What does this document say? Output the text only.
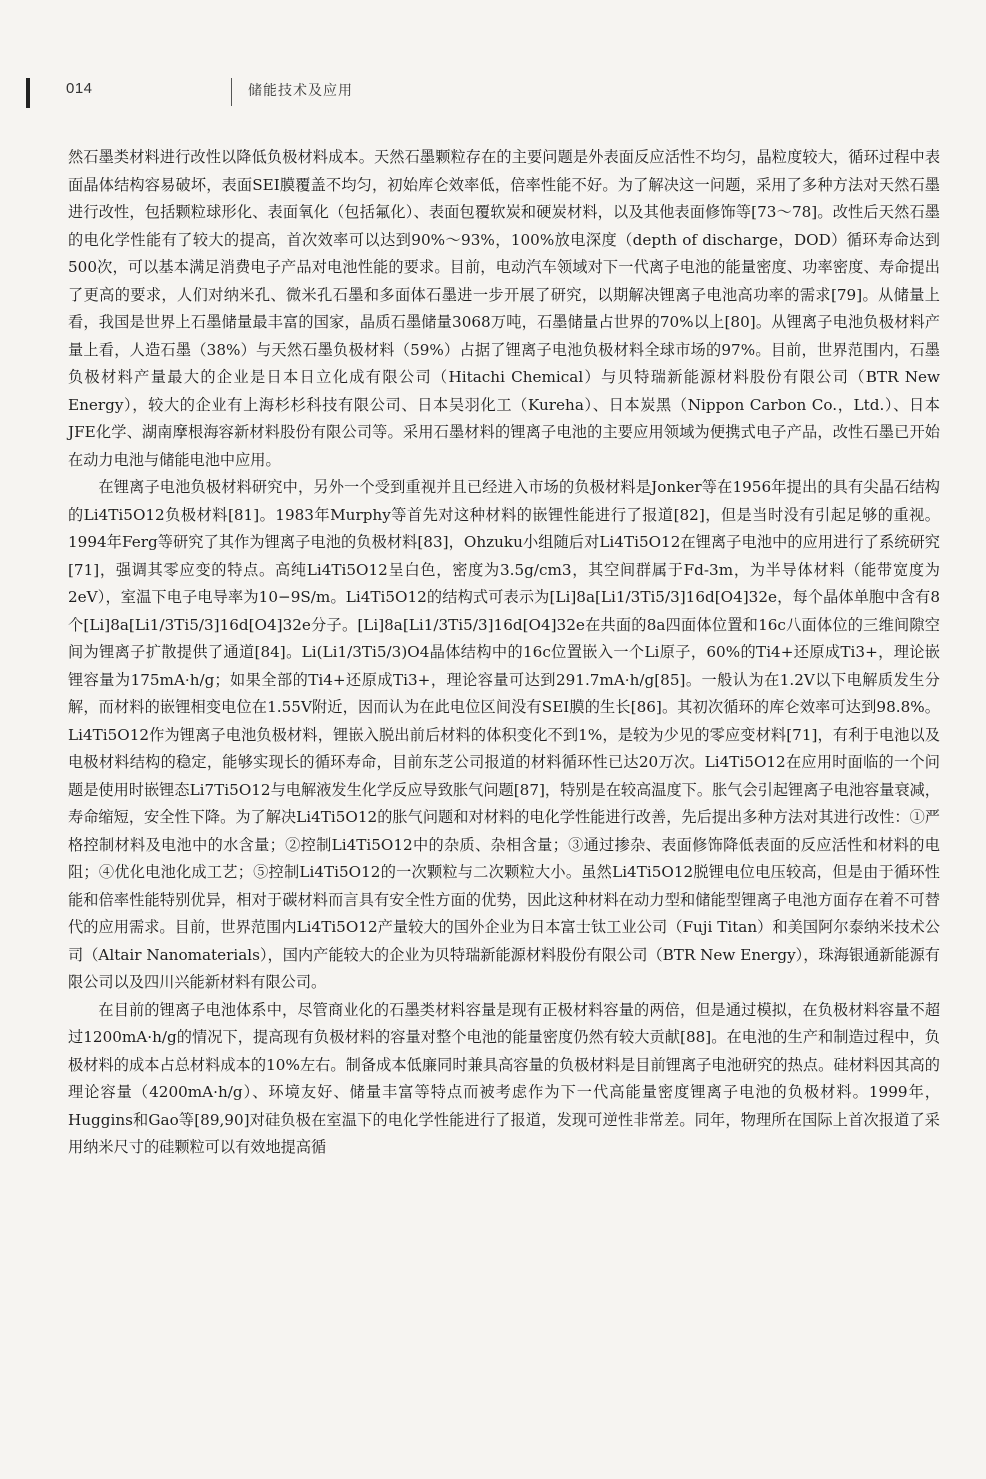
014	储能技术及应用

然石墨类材料进行改性以降低负极材料成本。天然石墨颗粒存在的主要问题是外表面反应活性不均匀，晶粒度较大，循环过程中表面晶体结构容易破坏，表面SEI膜覆盖不均匀，初始库仑效率低，倍率性能不好。为了解决这一问题，采用了多种方法对天然石墨进行改性，包括颗粒球形化、表面氧化（包括氟化）、表面包覆软炭和硬炭材料，以及其他表面修饰等[73～78]。改性后天然石墨的电化学性能有了较大的提高，首次效率可以达到90%～93%，100%放电深度（depth of discharge，DOD）循环寿命达到500次，可以基本满足消费电子产品对电池性能的要求。目前，电动汽车领域对下一代离子电池的能量密度、功率密度、寿命提出了更高的要求，人们对纳米孔、微米孔石墨和多面体石墨进一步开展了研究，以期解决锂离子电池高功率的需求[79]。从储量上看，我国是世界上石墨储量最丰富的国家，晶质石墨储量3068万吨，石墨储量占世界的70%以上[80]。从锂离子电池负极材料产量上看，人造石墨（38%）与天然石墨负极材料（59%）占据了锂离子电池负极材料全球市场的97%。目前，世界范围内，石墨负极材料产量最大的企业是日本日立化成有限公司（Hitachi Chemical）与贝特瑞新能源材料股份有限公司（BTR New Energy），较大的企业有上海杉杉科技有限公司、日本吴羽化工（Kureha）、日本炭黑（Nippon Carbon Co.，Ltd.）、日本JFE化学、湖南摩根海容新材料股份有限公司等。采用石墨材料的锂离子电池的主要应用领域为便携式电子产品，改性石墨已开始在动力电池与储能电池中应用。

在锂离子电池负极材料研究中，另外一个受到重视并且已经进入市场的负极材料是Jonker等在1956年提出的具有尖晶石结构的Li4Ti5O12负极材料[81]。1983年Murphy等首先对这种材料的嵌锂性能进行了报道[82]，但是当时没有引起足够的重视。1994年Ferg等研究了其作为锂离子电池的负极材料[83]，Ohzuku小组随后对Li4Ti5O12在锂离子电池中的应用进行了系统研究[71]，强调其零应变的特点。高纯Li4Ti5O12呈白色，密度为3.5g/cm3，其空间群属于Fd-3m，为半导体材料（能带宽度为2eV），室温下电子电导率为10−9S/m。Li4Ti5O12的结构式可表示为[Li]8a[Li1/3Ti5/3]16d[O4]32e，每个晶体单胞中含有8个[Li]8a[Li1/3Ti5/3]16d[O4]32e分子。[Li]8a[Li1/3Ti5/3]16d[O4]32e在共面的8a四面体位置和16c八面体位的三维间隙空间为锂离子扩散提供了通道[84]。Li(Li1/3Ti5/3)O4晶体结构中的16c位置嵌入一个Li原子，60%的Ti4+还原成Ti3+，理论嵌锂容量为175mA·h/g；如果全部的Ti4+还原成Ti3+，理论容量可达到291.7mA·h/g[85]。一般认为在1.2V以下电解质发生分解，而材料的嵌锂相变电位在1.55V附近，因而认为在此电位区间没有SEI膜的生长[86]。其初次循环的库仑效率可达到98.8%。Li4Ti5O12作为锂离子电池负极材料，锂嵌入脱出前后材料的体积变化不到1%，是较为少见的零应变材料[71]，有利于电池以及电极材料结构的稳定，能够实现长的循环寿命，目前东芝公司报道的材料循环性已达20万次。Li4Ti5O12在应用时面临的一个问题是使用时嵌锂态Li7Ti5O12与电解液发生化学反应导致胀气问题[87]，特别是在较高温度下。胀气会引起锂离子电池容量衰减，寿命缩短，安全性下降。为了解决Li4Ti5O12的胀气问题和对材料的电化学性能进行改善，先后提出多种方法对其进行改性：①严格控制材料及电池中的水含量；②控制Li4Ti5O12中的杂质、杂相含量；③通过掺杂、表面修饰降低表面的反应活性和材料的电阻；④优化电池化成工艺；⑤控制Li4Ti5O12的一次颗粒与二次颗粒大小。虽然Li4Ti5O12脱锂电位电压较高，但是由于循环性能和倍率性能特别优异，相对于碳材料而言具有安全性方面的优势，因此这种材料在动力型和储能型锂离子电池方面存在着不可替代的应用需求。目前，世界范围内Li4Ti5O12产量较大的国外企业为日本富士钛工业公司（Fuji Titan）和美国阿尔泰纳米技术公司（Altair Nanomaterials），国内产能较大的企业为贝特瑞新能源材料股份有限公司（BTR New Energy），珠海银通新能源有限公司以及四川兴能新材料有限公司。

在目前的锂离子电池体系中，尽管商业化的石墨类材料容量是现有正极材料容量的两倍，但是通过模拟，在负极材料容量不超过1200mA·h/g的情况下，提高现有负极材料的容量对整个电池的能量密度仍然有较大贡献[88]。在电池的生产和制造过程中，负极材料的成本占总材料成本的10%左右。制备成本低廉同时兼具高容量的负极材料是目前锂离子电池研究的热点。硅材料因其高的理论容量（4200mA·h/g）、环境友好、储量丰富等特点而被考虑作为下一代高能量密度锂离子电池的负极材料。1999年，Huggins和Gao等[89,90]对硅负极在室温下的电化学性能进行了报道，发现可逆性非常差。同年，物理所在国际上首次报道了采用纳米尺寸的硅颗粒可以有效地提高循
